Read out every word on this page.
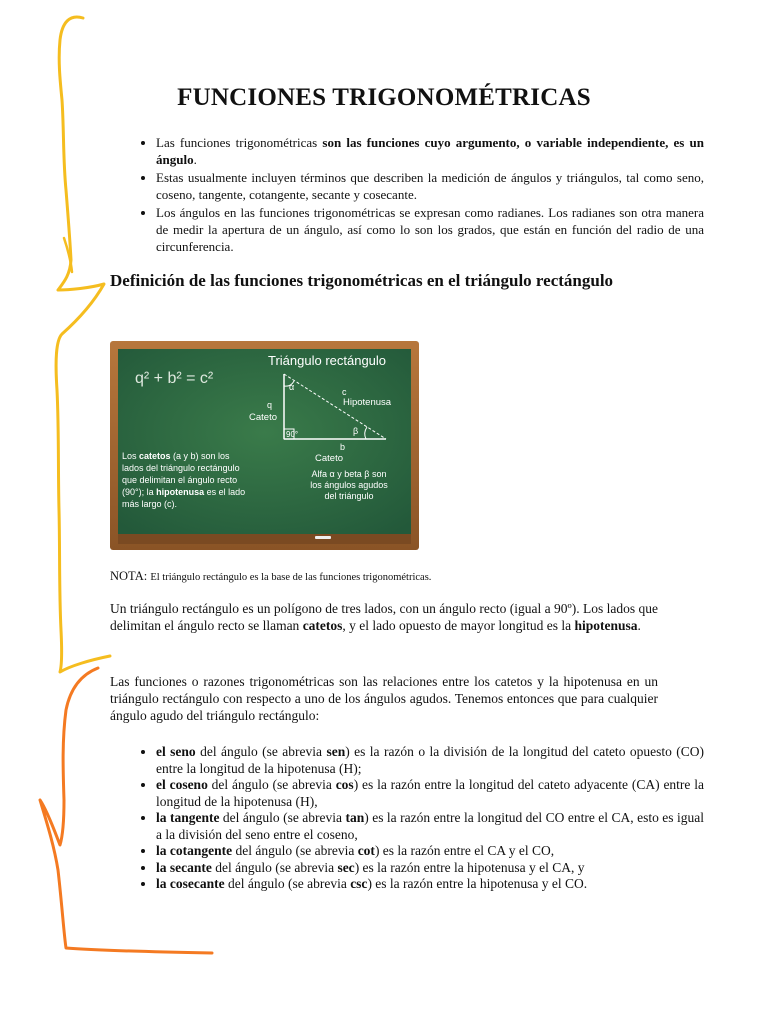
FUNCIONES TRIGONOMÉTRICAS
• Las funciones trigonométricas son las funciones cuyo argumento, o variable independiente, es un ángulo.
• Estas usualmente incluyen términos que describen la medición de ángulos y triángulos, tal como seno, coseno, tangente, cotangente, secante y cosecante.
• Los ángulos en las funciones trigonométricas se expresan como radianes. Los radianes son otra manera de medir la apertura de un ángulo, así como lo son los grados, que están en función del radio de una circunferencia.
Definición de las funciones trigonométricas en el triángulo rectángulo
q² + b² = c²
Triángulo rectángulo
α
β
90°
c
Hipotenusa
q
Cateto
b
Cateto
Los catetos (a y b) son los
lados del triángulo rectángulo
que delimitan el ángulo recto
(90°); la hipotenusa es el lado
más largo (c).
Alfa α y beta β son
los ángulos agudos
del triángulo
NOTA: El triángulo rectángulo es la base de las funciones trigonométricas.

Un triángulo rectángulo es un polígono de tres lados, con un ángulo recto (igual a 90º). Los lados que delimitan el ángulo recto se llaman catetos, y el lado opuesto de mayor longitud es la hipotenusa.

Las funciones o razones trigonométricas son las relaciones entre los catetos y la hipotenusa en un triángulo rectángulo con respecto a uno de los ángulos agudos. Tenemos entonces que para cualquier ángulo agudo del triángulo rectángulo:

• el seno del ángulo (se abrevia sen) es la razón o la división de la longitud del cateto opuesto (CO) entre la longitud de la hipotenusa (H);
• el coseno del ángulo (se abrevia cos) es la razón entre la longitud del cateto adyacente (CA) entre la longitud de la hipotenusa (H),
• la tangente del ángulo (se abrevia tan) es la razón entre la longitud del CO entre el CA, esto es igual a la división del seno entre el coseno,
• la cotangente del ángulo (se abrevia cot) es la razón entre el CA y el CO,
• la secante del ángulo (se abrevia sec) es la razón entre la hipotenusa y el CA, y
• la cosecante del ángulo (se abrevia csc) es la razón entre la hipotenusa y el CO.
